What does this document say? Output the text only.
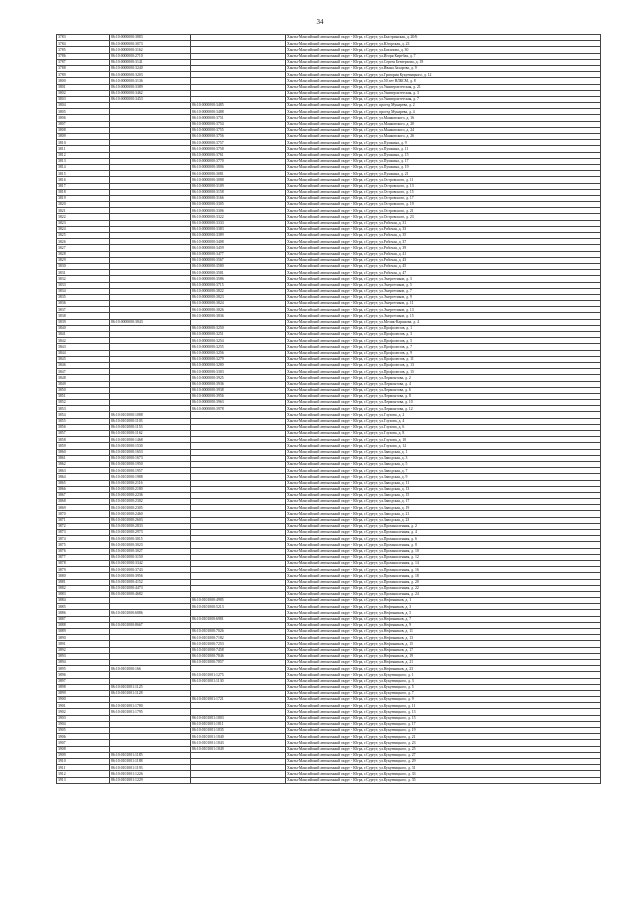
34
3783	86:10:0000000:3883		Ханты-Мансийский автономный округ - Югра, г.Сургут, ул.Быстринская, д. 20/6
3784	86:10:0000000:3073		Ханты-Мансийский автономный округ - Югра, г.Сургут, ул.Югорская, д. 23
3785	86:10:0000000:3162		Ханты-Мансийский автономный округ - Югра, г.Сургут, ул.Бахилова, д. 30
3786	86:10:0000000:2710		Ханты-Мансийский автономный округ - Югра, г.Сургут, ул.Игоря Киртбая, д. 7
3787	86:10:0000000:3141		Ханты-Мансийский автономный округ - Югра, г.Сургут, ул.Сергея Безверхова, д. 18
3788	86:10:0000000:3240		Ханты-Мансийский автономный округ - Югра, г.Сургут, ул.Ивана Захарова, д. 9
3789	86:10:0000000:3203		Ханты-Мансийский автономный округ - Югра, г.Сургут, ул.Григория Кукуевицкого, д. 12
3800	86:10:0000000:3136		Ханты-Мансийский автономный округ - Югра, г.Сургут, ул.50 лет ВЛКСМ, д. 8
3801	86:10:0000000:3389		Ханты-Мансийский автономный округ - Югра, г.Сургут, ул.Университетская, д. 21
3802	86:10:0000000:3462		Ханты-Мансийский автономный округ - Югра, г.Сургут, ул.Университетская, д. 3
3803	86:10:0000000:3453		Ханты-Мансийский автономный округ - Югра, г.Сургут, ул.Университетская, д. 7
3804		86:10:0000000:3485	Ханты-Мансийский автономный округ - Югра, г.Сургут, проезд Мунарева, д. 2
3805		86:10:0000000:3488	Ханты-Мансийский автономный округ - Югра, г.Сургут, проезд Мунарева, д. 4
3806		86:10:0000000:3751	Ханты-Мансийский автономный округ - Югра, г.Сургут, ул.Маяковского, д. 16
3807		86:10:0000000:3754	Ханты-Мансийский автономный округ - Югра, г.Сургут, ул.Маяковского, д. 20
3808		86:10:0000000:3755	Ханты-Мансийский автономный округ - Югра, г.Сургут, ул.Маяковского, д. 24
3809		86:10:0000000:3756	Ханты-Мансийский автономный округ - Югра, г.Сургут, ул.Маяковского, д. 26
3810		86:10:0000000:3757	Ханты-Мансийский автономный округ - Югра, г.Сургут, ул.Пушкина, д. 9
3811		86:10:0000000:3758	Ханты-Мансийский автономный округ - Югра, г.Сургут, ул.Пушкина, д. 11
3812		86:10:0000000:3761	Ханты-Мансийский автономный округ - Югра, г.Сургут, ул.Пушкина, д. 15
3813		86:10:0000000:3770	Ханты-Мансийский автономный округ - Югра, г.Сургут, ул.Пушкина, д. 17
3814		86:10:0000000:3806	Ханты-Мансийский автономный округ - Югра, г.Сургут, ул.Пушкина, д. 19
3815		86:10:0000000:3081	Ханты-Мансийский автономный округ - Югра, г.Сургут, ул.Пушкина, д. 21
3816		86:10:0000000:3088	Ханты-Мансийский автономный округ - Югра, г.Сургут, ул.Островского, д. 11
3817		86:10:0000000:3109	Ханты-Мансийский автономный округ - Югра, г.Сургут, ул.Островского, д. 13
3818		86:10:0000000:3158	Ханты-Мансийский автономный округ - Югра, г.Сургут, ул.Островского, д. 15
3819		86:10:0000000:3166	Ханты-Мансийский автономный округ - Югра, г.Сургут, ул.Островского, д. 17
3820		86:10:0000000:3305	Ханты-Мансийский автономный округ - Югра, г.Сургут, ул.Островского, д. 19
3821		86:10:0000000:3306	Ханты-Мансийский автономный округ - Югра, г.Сургут, ул.Островского, д. 21
3822		86:10:0000000:3322	Ханты-Мансийский автономный округ - Югра, г.Сургут, ул.Островского, д. 23
3823		86:10:0000000:3333	Ханты-Мансийский автономный округ - Югра, г.Сургут, ул.Рабочая, д. 31
3824		86:10:0000000:3383	Ханты-Мансийский автономный округ - Югра, г.Сургут, ул.Рабочая, д. 33
3825		86:10:0000000:3389	Ханты-Мансийский автономный округ - Югра, г.Сургут, ул.Рабочая, д. 35
3826		86:10:0000000:3408	Ханты-Мансийский автономный округ - Югра, г.Сургут, ул.Рабочая, д. 37
3827		86:10:0000000:3459	Ханты-Мансийский автономный округ - Югра, г.Сургут, ул.Рабочая, д. 39
3828		86:10:0000000:3477	Ханты-Мансийский автономный округ - Югра, г.Сургут, ул.Рабочая, д. 41
3829		86:10:0000000:3567	Ханты-Мансийский автономный округ - Югра, г.Сургут, ул.Рабочая, д. 43
3830		86:10:0000000:3580	Ханты-Мансийский автономный округ - Югра, г.Сургут, ул.Рабочая, д. 45
3831		86:10:0000000:3581	Ханты-Мансийский автономный округ - Югра, г.Сургут, ул.Рабочая, д. 47
3832		86:10:0000000:3586	Ханты-Мансийский автономный округ - Югра, г.Сургут, ул.Энергетиков, д. 3
3833		86:10:0000000:3715	Ханты-Мансийский автономный округ - Югра, г.Сургут, ул.Энергетиков, д. 5
3834		86:10:0000000:3822	Ханты-Мансийский автономный округ - Югра, г.Сургут, ул.Энергетиков, д. 7
3835		86:10:0000000:3823	Ханты-Мансийский автономный округ - Югра, г.Сургут, ул.Энергетиков, д. 9
3836		86:10:0000000:3824	Ханты-Мансийский автономный округ - Югра, г.Сургут, ул.Энергетиков, д. 11
3837		86:10:0000000:3826	Ханты-Мансийский автономный округ - Югра, г.Сургут, ул.Энергетиков, д. 13
3838		86:10:0000000:3836	Ханты-Мансийский автономный округ - Югра, г.Сургут, ул.Энергетиков, д. 15
3839	86:10:0000000:3843		Ханты-Мансийский автономный округ - Югра, г.Сургут, ул.Мелик-Карамова, д. 4
3840		86:10:0000000:3250	Ханты-Мансийский автономный округ - Югра, г.Сургут, ул.Профсоюзов, д. 1
3841		86:10:0000000:3251	Ханты-Мансийский автономный округ - Югра, г.Сургут, ул.Профсоюзов, д. 3
3842		86:10:0000000:3254	Ханты-Мансийский автономный округ - Югра, г.Сургут, ул.Профсоюзов, д. 5
3843		86:10:0000000:3255	Ханты-Мансийский автономный округ - Югра, г.Сургут, ул.Профсоюзов, д. 7
3844		86:10:0000000:3256	Ханты-Мансийский автономный округ - Югра, г.Сургут, ул.Профсоюзов, д. 9
3845		86:10:0000000:3279	Ханты-Мансийский автономный округ - Югра, г.Сургут, ул.Профсоюзов, д. 11
3846		86:10:0000000:3280	Ханты-Мансийский автономный округ - Югра, г.Сургут, ул.Профсоюзов, д. 13
3847		86:10:0000000:3303	Ханты-Мансийский автономный округ - Югра, г.Сургут, ул.Профсоюзов, д. 15
3848		86:10:0000000:3925	Ханты-Мансийский автономный округ - Югра, г.Сургут, ул.Лермонтова, д. 2
3849		86:10:0000000:3936	Ханты-Мансийский автономный округ - Югра, г.Сургут, ул.Лермонтова, д. 4
3850		86:10:0000000:3938	Ханты-Мансийский автономный округ - Югра, г.Сургут, ул.Лермонтова, д. 6
3851		86:10:0000000:3956	Ханты-Мансийский автономный округ - Югра, г.Сургут, ул.Лермонтова, д. 8
3852		86:10:0000000:3963	Ханты-Мансийский автономный округ - Югра, г.Сургут, ул.Лермонтова, д. 10
3853		86:10:0000000:3978	Ханты-Мансийский автономный округ - Югра, г.Сургут, ул.Лермонтова, д. 12
3854	86:10:0101000:1088		Ханты-Мансийский автономный округ - Югра, г.Сургут, ул.Глухова, д. 2
3855	86:10:0101000:1103		Ханты-Мансийский автономный округ - Югра, г.Сургут, ул.Глухова, д. 4
3856	86:10:0101000:1153		Ханты-Мансийский автономный округ - Югра, г.Сургут, ул.Глухова, д. 6
3857	86:10:0101000:1162		Ханты-Мансийский автономный округ - Югра, г.Сургут, ул.Глухова, д. 8
3858	86:10:0101000:1468		Ханты-Мансийский автономный округ - Югра, г.Сургут, ул.Глухова, д. 10
3859	86:10:0101000:1530		Ханты-Мансийский автономный округ - Югра, г.Сургут, ул.Глухова, д. 12
3860	86:10:0101000:1653		Ханты-Мансийский автономный округ - Югра, г.Сургут, ул.Заводская, д. 1
3861	86:10:0101000:1673		Ханты-Мансийский автономный округ - Югра, г.Сургут, ул.Заводская, д. 3
3862	86:10:0101000:1950		Ханты-Мансийский автономный округ - Югра, г.Сургут, ул.Заводская, д. 5
3863	86:10:0101000:1957		Ханты-Мансийский автономный округ - Югра, г.Сургут, ул.Заводская, д. 7
3864	86:10:0101000:1988		Ханты-Мансийский автономный округ - Югра, г.Сургут, ул.Заводская, д. 9
3865	86:10:0101000:2116		Ханты-Мансийский автономный округ - Югра, г.Сургут, ул.Заводская, д. 11
3866	86:10:0101000:2180		Ханты-Мансийский автономный округ - Югра, г.Сургут, ул.Заводская, д. 13
3867	86:10:0101000:2236		Ханты-Мансийский автономный округ - Югра, г.Сургут, ул.Заводская, д. 15
3868	86:10:0101000:2302		Ханты-Мансийский автономный округ - Югра, г.Сургут, ул.Заводская, д. 17
3869	86:10:0101000:2305		Ханты-Мансийский автономный округ - Югра, г.Сургут, ул.Заводская, д. 19
3870	86:10:0101000:2460		Ханты-Мансийский автономный округ - Югра, г.Сургут, ул.Заводская, д. 21
3871	86:10:0101000:2603		Ханты-Мансийский автономный округ - Югра, г.Сургут, ул.Заводская, д. 23
3872	86:10:0101000:2833		Ханты-Мансийский автономный округ - Югра, г.Сургут, ул.Промышленная, д. 2
3873	86:10:0101000:2973		Ханты-Мансийский автономный округ - Югра, г.Сургут, ул.Промышленная, д. 4
3874	86:10:0101000:3015		Ханты-Мансийский автономный округ - Югра, г.Сургут, ул.Промышленная, д. 6
3875	86:10:0101000:3023		Ханты-Мансийский автономный округ - Югра, г.Сургут, ул.Промышленная, д. 8
3876	86:10:0101000:3027		Ханты-Мансийский автономный округ - Югра, г.Сургут, ул.Промышленная, д. 10
3877	86:10:0101000:3150		Ханты-Мансийский автономный округ - Югра, г.Сургут, ул.Промышленная, д. 12
3878	86:10:0101000:3342		Ханты-Мансийский автономный округ - Югра, г.Сургут, ул.Промышленная, д. 14
3879	86:10:0101000:3743		Ханты-Мансийский автономный округ - Югра, г.Сургут, ул.Промышленная, д. 16
3880	86:10:0101000:3956		Ханты-Мансийский автономный округ - Югра, г.Сургут, ул.Промышленная, д. 18
3881	86:10:0101000:4152		Ханты-Мансийский автономный округ - Югра, г.Сургут, ул.Промышленная, д. 20
3882	86:10:0101000:4473		Ханты-Мансийский автономный округ - Югра, г.Сургут, ул.Промышленная, д. 22
3883	86:10:0101000:4682		Ханты-Мансийский автономный округ - Югра, г.Сургут, ул.Промышленная, д. 24
3884		86:10:0101000:4985	Ханты-Мансийский автономный округ - Югра, г.Сургут, ул.Нефтяников, д. 1
3885		86:10:0101000:5213	Ханты-Мансийский автономный округ - Югра, г.Сургут, ул.Нефтяников, д. 3
3886	86:10:0101000:6886		Ханты-Мансийский автономный округ - Югра, г.Сургут, ул.Нефтяников, д. 5
3887		86:10:0101000:6981	Ханты-Мансийский автономный округ - Югра, г.Сургут, ул.Нефтяников, д. 7
3888	86:10:0101000:8667		Ханты-Мансийский автономный округ - Югра, г.Сургут, ул.Нефтяников, д. 9
3889		86:10:0101000:7026	Ханты-Мансийский автономный округ - Югра, г.Сургут, ул.Нефтяников, д. 11
3890		86:10:0101000:7182	Ханты-Мансийский автономный округ - Югра, г.Сургут, ул.Нефтяников, д. 13
3891		86:10:0101000:7253	Ханты-Мансийский автономный округ - Югра, г.Сургут, ул.Нефтяников, д. 15
3892		86:10:0101000:7458	Ханты-Мансийский автономный округ - Югра, г.Сургут, ул.Нефтяников, д. 17
3893		86:10:0101000:7846	Ханты-Мансийский автономный округ - Югра, г.Сургут, ул.Нефтяников, д. 19
3894		86:10:0101000:7857	Ханты-Мансийский автономный округ - Югра, г.Сургут, ул.Нефтяников, д. 21
3895	86:10:0101000:166		Ханты-Мансийский автономный округ - Югра, г.Сургут, ул.Нефтяников, д. 23
3896		86:10:0101001:1275	Ханты-Мансийский автономный округ - Югра, г.Сургут, ул.Кукуевицкого, д. 1
3897		86:10:0101001:1130	Ханты-Мансийский автономный округ - Югра, г.Сургут, ул.Кукуевицкого, д. 3
3898	86:10:0101001:1125		Ханты-Мансийский автономный округ - Югра, г.Сургут, ул.Кукуевицкого, д. 5
3899	86:10:0101001:1128		Ханты-Мансийский автономный округ - Югра, г.Сургут, ул.Кукуевицкого, д. 7
3900		86:10:0101001:1721	Ханты-Мансийский автономный округ - Югра, г.Сургут, ул.Кукуевицкого, д. 9
3901	86:10:0101001:1780		Ханты-Мансийский автономный округ - Югра, г.Сургут, ул.Кукуевицкого, д. 11
3902	86:10:0101001:1795		Ханты-Мансийский автономный округ - Югра, г.Сургут, ул.Кукуевицкого, д. 13
3903		86:10:0101001:1803	Ханты-Мансийский автономный округ - Югра, г.Сургут, ул.Кукуевицкого, д. 15
3904		86:10:0101001:1811	Ханты-Мансийский автономный округ - Югра, г.Сургут, ул.Кукуевицкого, д. 17
3905		86:10:0101001:1835	Ханты-Мансийский автономный округ - Югра, г.Сургут, ул.Кукуевицкого, д. 19
3906		86:10:0101001:1840	Ханты-Мансийский автономный округ - Югра, г.Сургут, ул.Кукуевицкого, д. 21
3907		86:10:0101001:1843	Ханты-Мансийский автономный округ - Югра, г.Сургут, ул.Кукуевицкого, д. 23
3908		86:10:0101001:1849	Ханты-Мансийский автономный округ - Югра, г.Сургут, ул.Кукуевицкого, д. 25
3909	86:10:0101001:1185		Ханты-Мансийский автономный округ - Югра, г.Сургут, ул.Кукуевицкого, д. 27
3910	86:10:0101001:1188		Ханты-Мансийский автономный округ - Югра, г.Сургут, ул.Кукуевицкого, д. 29
3911	86:10:0101001:1193		Ханты-Мансийский автономный округ - Югра, г.Сургут, ул.Кукуевицкого, д. 31
3912	86:10:0101001:1226		Ханты-Мансийский автономный округ - Югра, г.Сургут, ул.Кукуевицкого, д. 33
3913	86:10:0101001:1229		Ханты-Мансийский автономный округ - Югра, г.Сургут, ул.Кукуевицкого, д. 35
